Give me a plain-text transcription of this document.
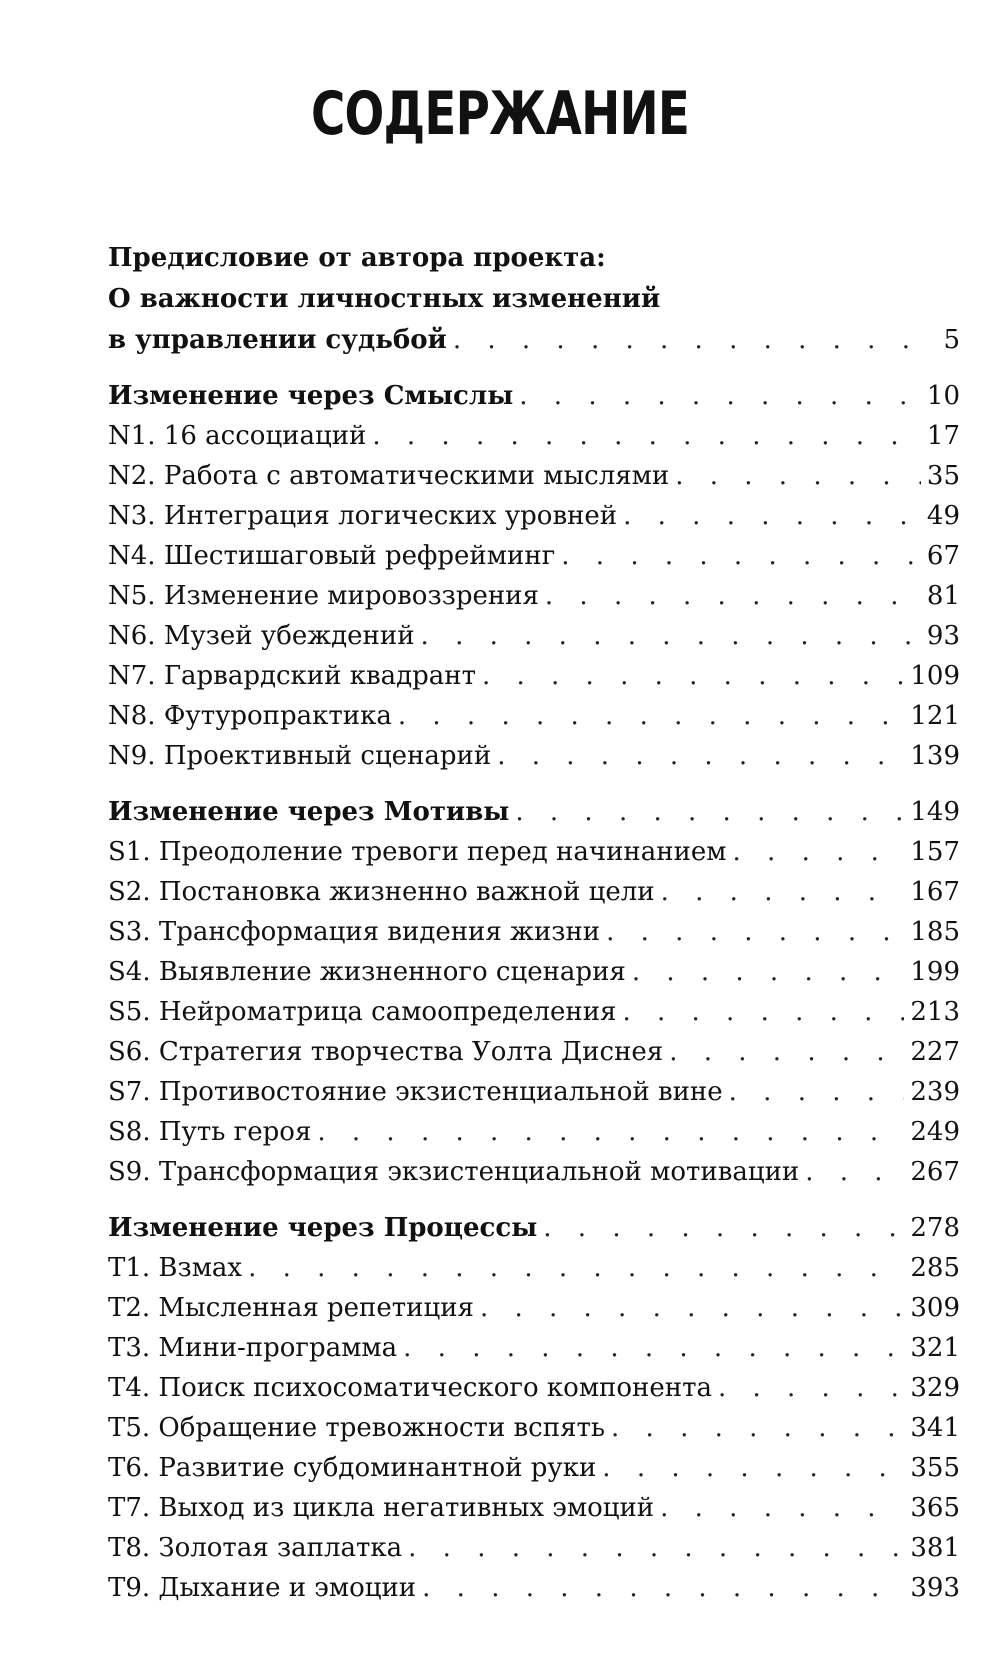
СОДЕРЖАНИЕ
Предисловие от автора проекта:
О важности личностных изменений
в управлении судьбой . . .	5
Изменение через Смыслы . . .	10
N1. 16 ассоциаций . . .	17
N2. Работа с автоматическими мыслями . . .	35
N3. Интеграция логических уровней . . .	49
N4. Шестишаговый рефрейминг . . .	67
N5. Изменение мировоззрения . . .	81
N6. Музей убеждений . . .	93
N7. Гарвардский квадрант . . .	109
N8. Футуропрактика . . .	121
N9. Проективный сценарий . . .	139
Изменение через Мотивы . . .	149
S1. Преодоление тревоги перед начинанием . . .	157
S2. Постановка жизненно важной цели . . .	167
S3. Трансформация видения жизни . . .	185
S4. Выявление жизненного сценария . . .	199
S5. Нейроматрица самоопределения . . .	213
S6. Стратегия творчества Уолта Диснея . . .	227
S7. Противостояние экзистенциальной вине . . .	239
S8. Путь героя . . .	249
S9. Трансформация экзистенциальной мотивации . . .	267
Изменение через Процессы . . .	278
T1. Взмах . . .	285
T2. Мысленная репетиция . . .	309
T3. Мини-программа . . .	321
T4. Поиск психосоматического компонента . . .	329
T5. Обращение тревожности вспять . . .	341
T6. Развитие субдоминантной руки . . .	355
T7. Выход из цикла негативных эмоций . . .	365
T8. Золотая заплатка . . .	381
T9. Дыхание и эмоции . . .	393
